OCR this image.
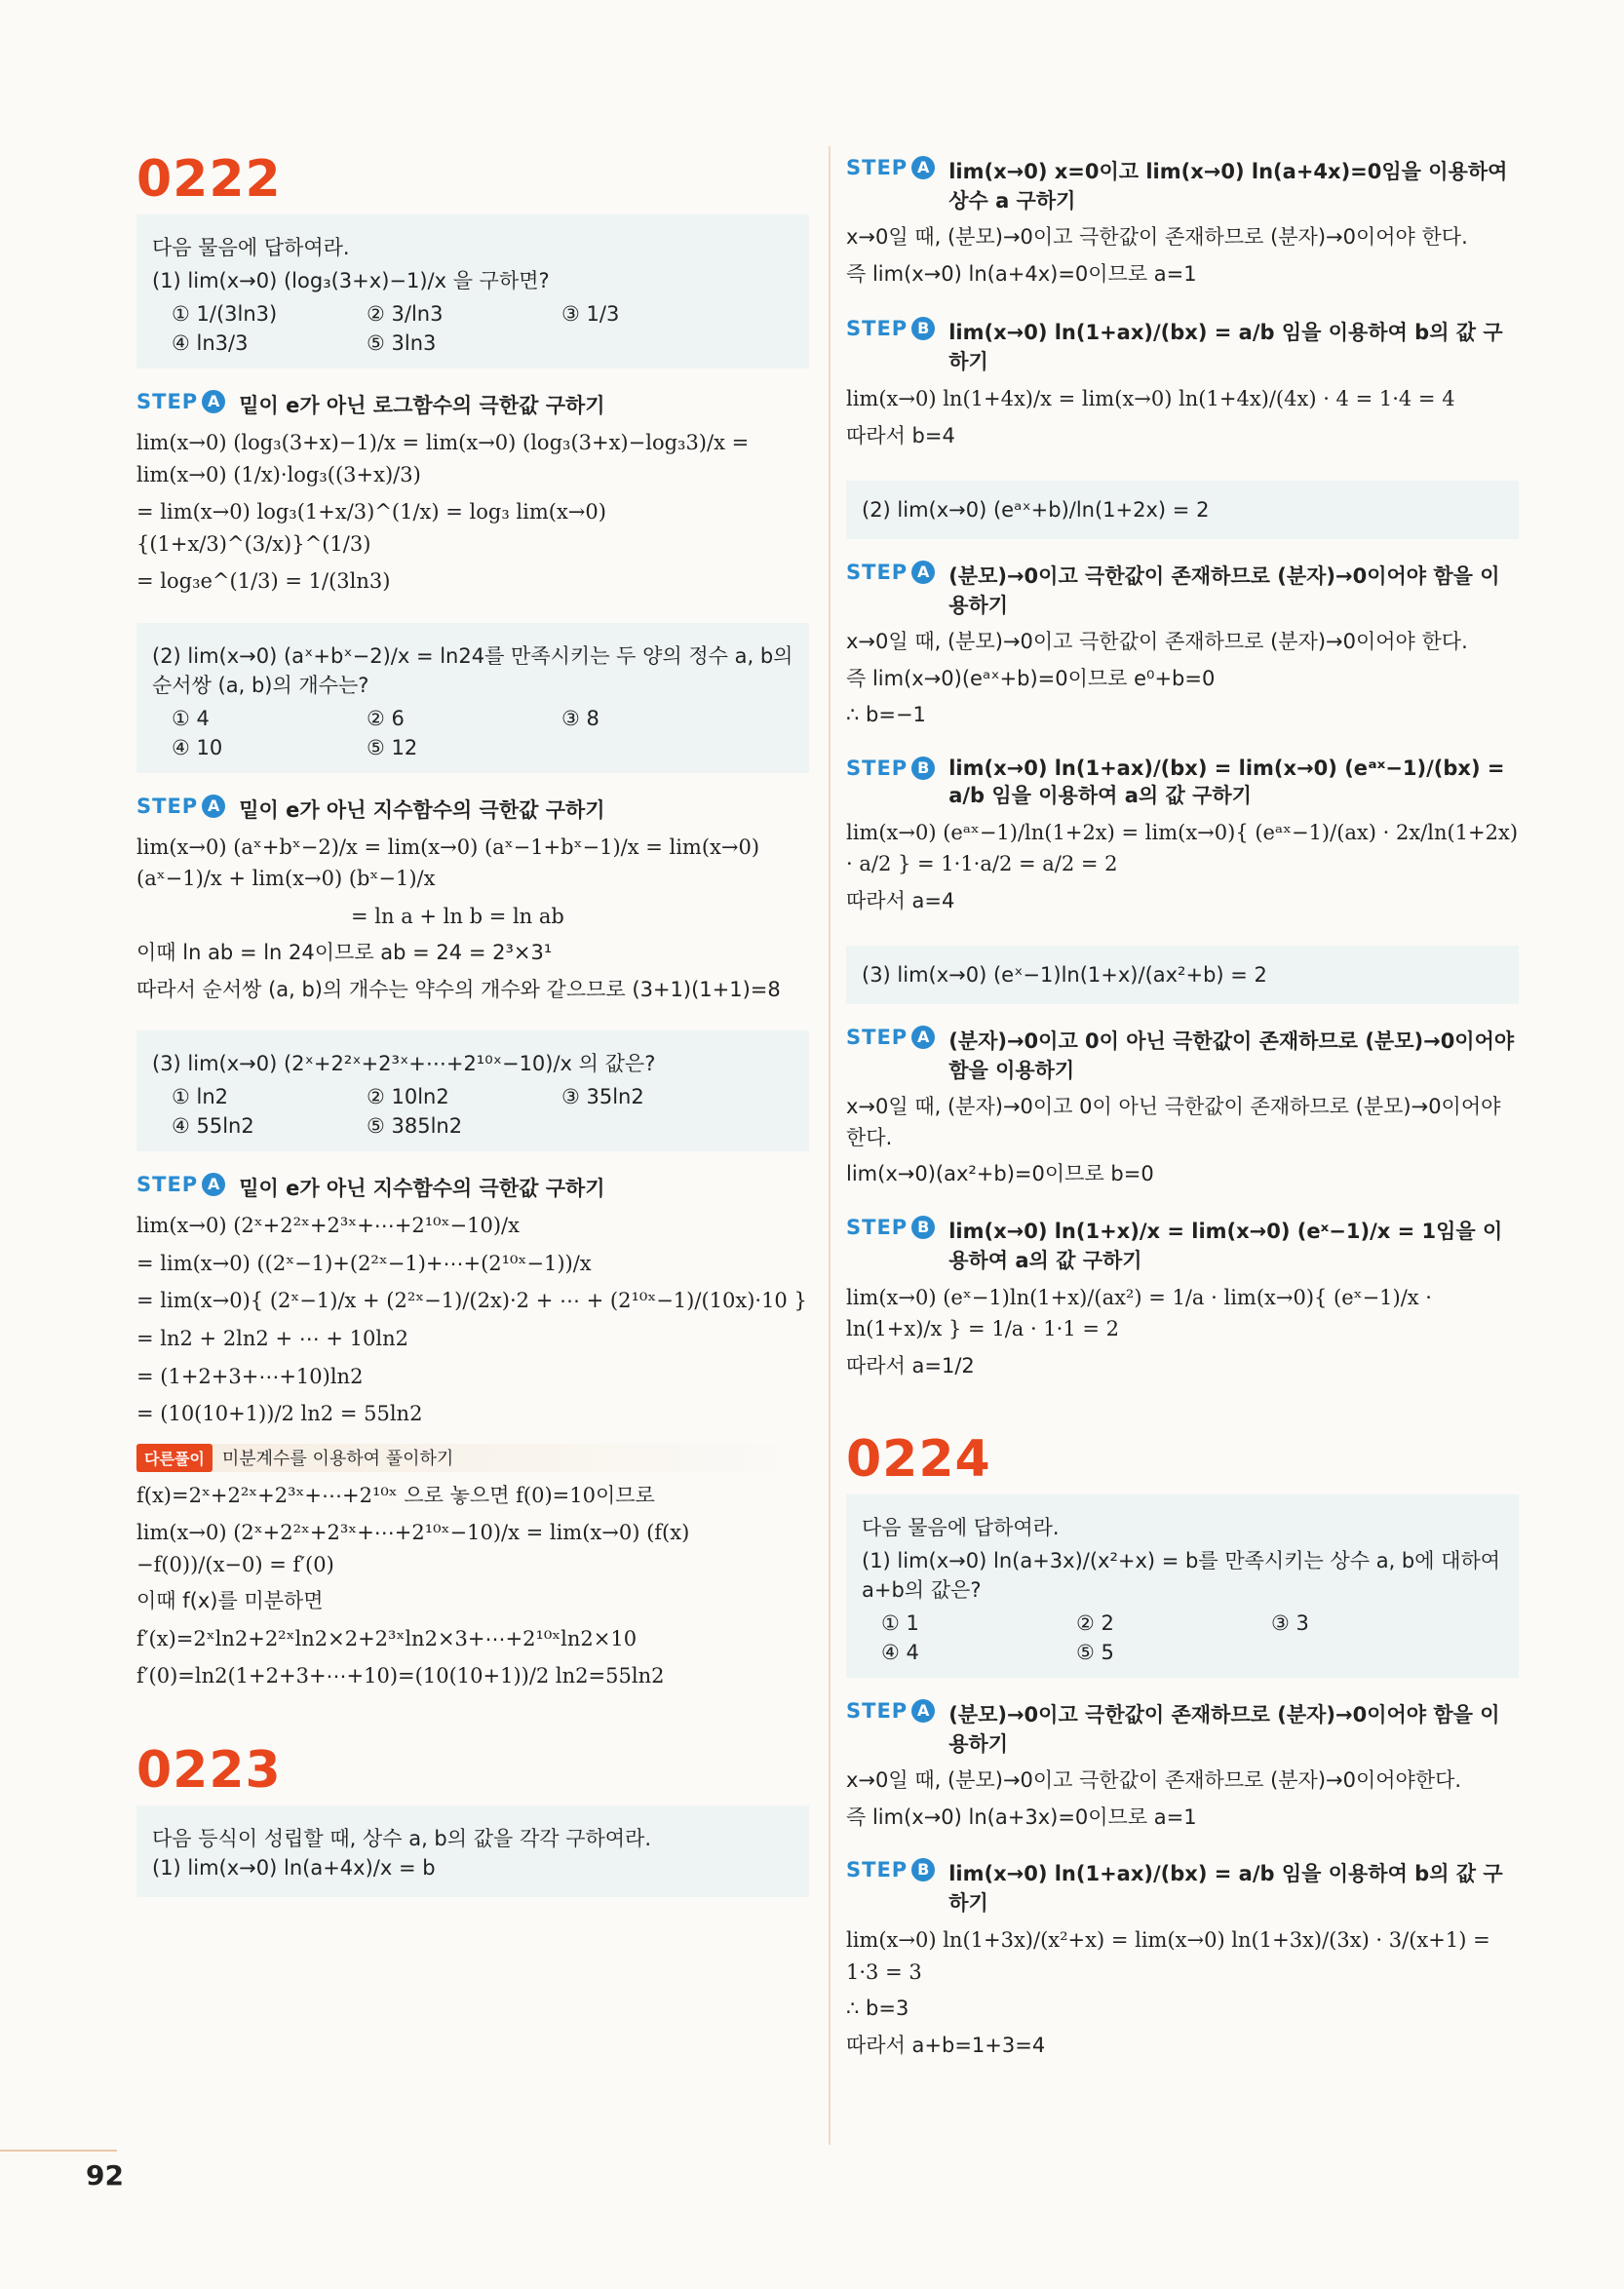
0222

다음 물음에 답하여라.

(1) lim(x→0) (log₃(3+x)−1)/x 을 구하면?

① 1/(3ln3)	② 3/ln3	③ 1/3
④ ln3/3	⑤ 3ln3
STEP A 밑이 e가 아닌 로그함수의 극한값 구하기
lim(x→0) (log₃(3+x)−1)/x = lim(x→0) (log₃(3+x)−log₃3)/x = lim(x→0) (1/x)·log₃((3+x)/3)
= lim(x→0) log₃(1+x/3)^(1/x) = log₃ lim(x→0){(1+x/3)^(3/x)}^(1/3)
= log₃e^(1/3) = 1/(3ln3)

(2) lim(x→0) (aˣ+bˣ−2)/x = ln24를 만족시키는 두 양의 정수 a, b의 순서쌍 (a, b)의 개수는?

① 4	② 6	③ 8
④ 10	⑤ 12
STEP A 밑이 e가 아닌 지수함수의 극한값 구하기
lim(x→0) (aˣ+bˣ−2)/x = lim(x→0) (aˣ−1+bˣ−1)/x = lim(x→0) (aˣ−1)/x + lim(x→0) (bˣ−1)/x
= ln a + ln b = ln ab
이때 ln ab = ln 24이므로 ab = 24 = 2³×3¹
따라서 순서쌍 (a, b)의 개수는 약수의 개수와 같으므로 (3+1)(1+1)=8

(3) lim(x→0) (2ˣ+2²ˣ+2³ˣ+⋯+2¹⁰ˣ−10)/x 의 값은?

① ln2	② 10ln2	③ 35ln2
④ 55ln2	⑤ 385ln2
STEP A 밑이 e가 아닌 지수함수의 극한값 구하기
lim(x→0) (2ˣ+2²ˣ+2³ˣ+⋯+2¹⁰ˣ−10)/x
= lim(x→0) ((2ˣ−1)+(2²ˣ−1)+⋯+(2¹⁰ˣ−1))/x
= lim(x→0){ (2ˣ−1)/x + (2²ˣ−1)/(2x)·2 + ⋯ + (2¹⁰ˣ−1)/(10x)·10 }
= ln2 + 2ln2 + ⋯ + 10ln2
= (1+2+3+⋯+10)ln2
= (10(10+1))/2 ln2 = 55ln2
다른풀이	미분계수를 이용하여 풀이하기
f(x)=2ˣ+2²ˣ+2³ˣ+⋯+2¹⁰ˣ 으로 놓으면 f(0)=10이므로
lim(x→0) (2ˣ+2²ˣ+2³ˣ+⋯+2¹⁰ˣ−10)/x = lim(x→0) (f(x)−f(0))/(x−0) = f′(0)
이때 f(x)를 미분하면
f′(x)=2ˣln2+2²ˣln2×2+2³ˣln2×3+⋯+2¹⁰ˣln2×10
f′(0)=ln2(1+2+3+⋯+10)=(10(10+1))/2 ln2=55ln2
0223

다음 등식이 성립할 때, 상수 a, b의 값을 각각 구하여라.

(1) lim(x→0) ln(a+4x)/x = b

STEP A lim(x→0) x=0이고 lim(x→0) ln(a+4x)=0임을 이용하여 상수 a 구하기
x→0일 때, (분모)→0이고 극한값이 존재하므로 (분자)→0이어야 한다.
즉 lim(x→0) ln(a+4x)=0이므로 a=1
STEP B lim(x→0) ln(1+ax)/(bx) = a/b 임을 이용하여 b의 값 구하기
lim(x→0) ln(1+4x)/x = lim(x→0) ln(1+4x)/(4x) · 4 = 1·4 = 4
따라서 b=4

(2) lim(x→0) (eᵃˣ+b)/ln(1+2x) = 2

STEP A (분모)→0이고 극한값이 존재하므로 (분자)→0이어야 함을 이용하기
x→0일 때, (분모)→0이고 극한값이 존재하므로 (분자)→0이어야 한다.
즉 lim(x→0)(eᵃˣ+b)=0이므로 e⁰+b=0
∴ b=−1
STEP B lim(x→0) ln(1+ax)/(bx) = lim(x→0) (eᵃˣ−1)/(bx) = a/b 임을 이용하여 a의 값 구하기
lim(x→0) (eᵃˣ−1)/ln(1+2x) = lim(x→0){ (eᵃˣ−1)/(ax) · 2x/ln(1+2x) · a/2 } = 1·1·a/2 = a/2 = 2
따라서 a=4

(3) lim(x→0) (eˣ−1)ln(1+x)/(ax²+b) = 2

STEP A (분자)→0이고 0이 아닌 극한값이 존재하므로 (분모)→0이어야 함을 이용하기
x→0일 때, (분자)→0이고 0이 아닌 극한값이 존재하므로 (분모)→0이어야 한다.
lim(x→0)(ax²+b)=0이므로 b=0
STEP B lim(x→0) ln(1+x)/x = lim(x→0) (eˣ−1)/x = 1임을 이용하여 a의 값 구하기
lim(x→0) (eˣ−1)ln(1+x)/(ax²) = 1/a · lim(x→0){ (eˣ−1)/x · ln(1+x)/x } = 1/a · 1·1 = 2
따라서 a=1/2
0224

다음 물음에 답하여라.

(1) lim(x→0) ln(a+3x)/(x²+x) = b를 만족시키는 상수 a, b에 대하여 a+b의 값은?

① 1	② 2	③ 3
④ 4	⑤ 5
STEP A (분모)→0이고 극한값이 존재하므로 (분자)→0이어야 함을 이용하기
x→0일 때, (분모)→0이고 극한값이 존재하므로 (분자)→0이어야한다.
즉 lim(x→0) ln(a+3x)=0이므로 a=1
STEP B lim(x→0) ln(1+ax)/(bx) = a/b 임을 이용하여 b의 값 구하기
lim(x→0) ln(1+3x)/(x²+x) = lim(x→0) ln(1+3x)/(3x) · 3/(x+1) = 1·3 = 3
∴ b=3
따라서 a+b=1+3=4
92
